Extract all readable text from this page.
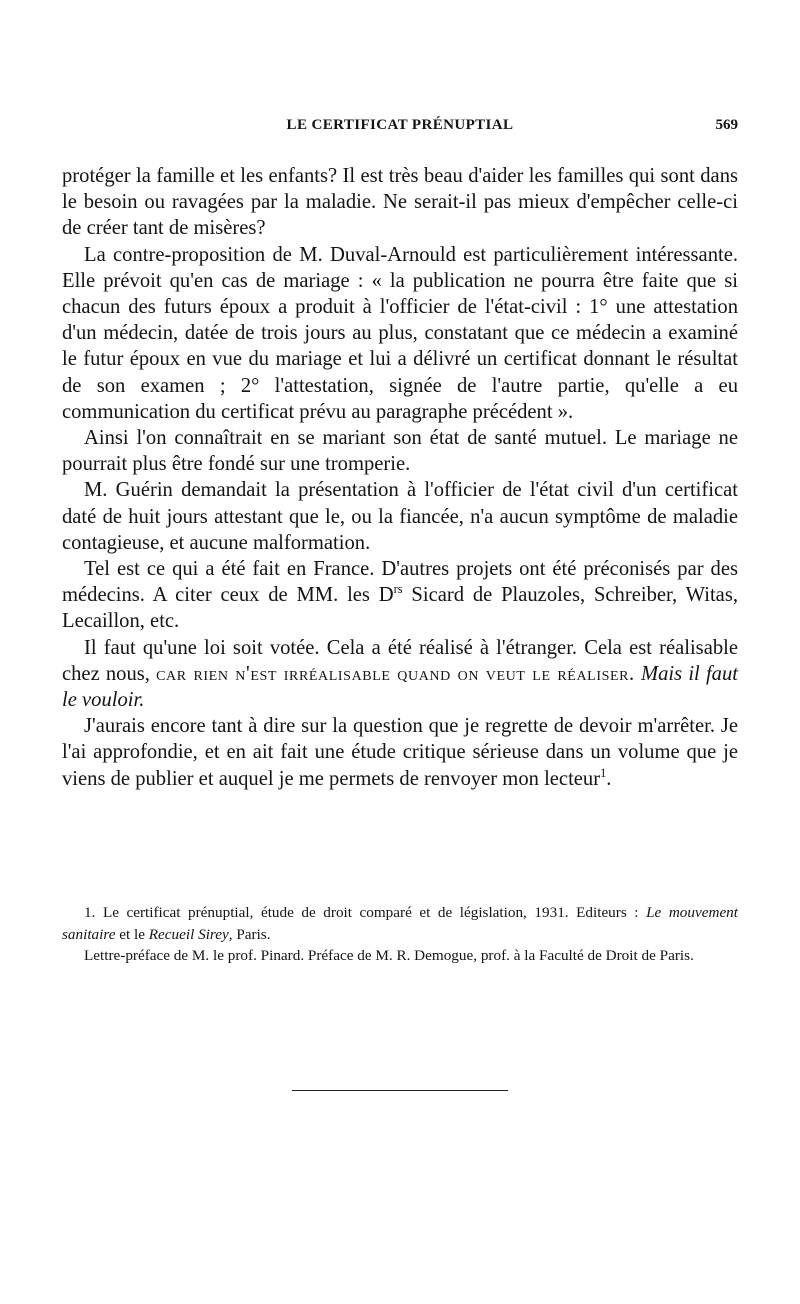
LE CERTIFICAT PRÉNUPTIAL	569

protéger la famille et les enfants? Il est très beau d'aider les familles qui sont dans le besoin ou ravagées par la maladie. Ne serait-il pas mieux d'empêcher celle-ci de créer tant de misères?

La contre-proposition de M. Duval-Arnould est particulièrement intéressante. Elle prévoit qu'en cas de mariage : « la publication ne pourra être faite que si chacun des futurs époux a produit à l'officier de l'état-civil : 1° une attestation d'un médecin, datée de trois jours au plus, constatant que ce médecin a examiné le futur époux en vue du mariage et lui a délivré un certificat donnant le résultat de son examen ; 2° l'attestation, signée de l'autre partie, qu'elle a eu communication du certificat prévu au paragraphe précédent ».

Ainsi l'on connaîtrait en se mariant son état de santé mutuel. Le mariage ne pourrait plus être fondé sur une tromperie.

M. Guérin demandait la présentation à l'officier de l'état civil d'un certificat daté de huit jours attestant que le, ou la fiancée, n'a aucun symptôme de maladie contagieuse, et aucune malformation.

Tel est ce qui a été fait en France. D'autres projets ont été préconisés par des médecins. A citer ceux de MM. les $D^{rs}$ Sicard de Plauzoles, Schreiber, Witas, Lecaillon, etc.

Il faut qu'une loi soit votée. Cela a été réalisé à l'étranger. Cela est réalisable chez nous, car rien n'est irréalisable quand on veut le réaliser. Mais il faut le vouloir.

J'aurais encore tant à dire sur la question que je regrette de devoir m'arrêter. Je l'ai approfondie, et en ait fait une étude critique sérieuse dans un volume que je viens de publier et auquel je me permets de renvoyer mon lecteur$^1$.

1. Le certificat prénuptial, étude de droit comparé et de législation, 1931. Editeurs : Le mouvement sanitaire et le Recueil Sirey, Paris.

Lettre-préface de M. le prof. Pinard. Préface de M. R. Demogue, prof. à la Faculté de Droit de Paris.
